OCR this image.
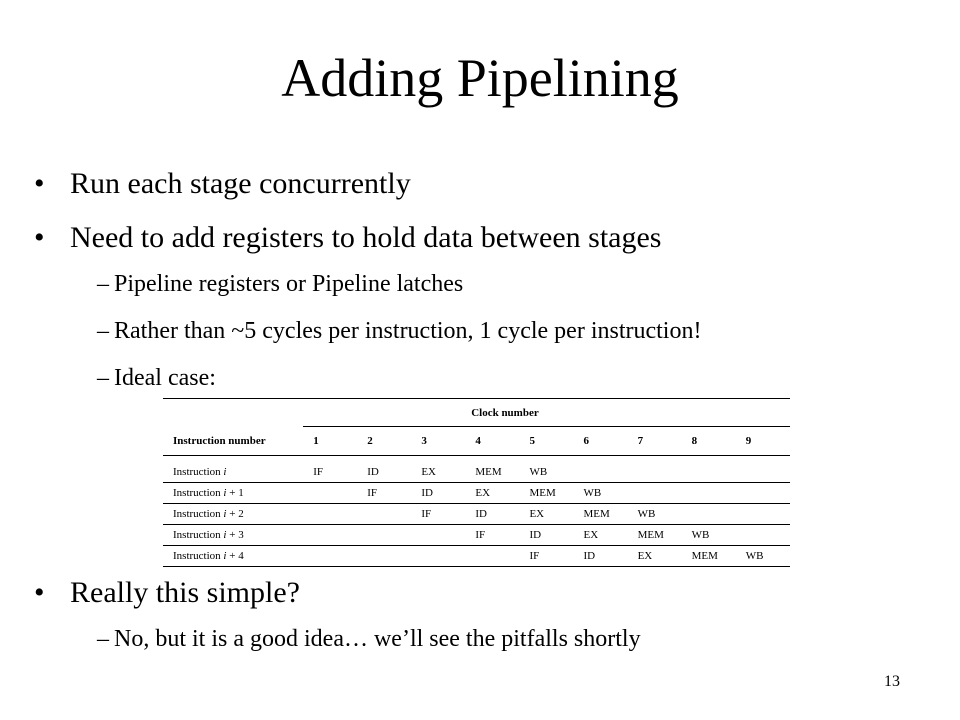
Adding Pipelining
• Run each stage concurrently
• Need to add registers to hold data between stages
– Pipeline registers or Pipeline latches
– Rather than ~5 cycles per instruction, 1 cycle per instruction!
– Ideal case:
	Clock number								
Instruction number	1	2	3	4	5	6	7	8	9

Instruction i	IF	ID	EX	MEM	WB				
Instruction i + 1		IF	ID	EX	MEM	WB			
Instruction i + 2			IF	ID	EX	MEM	WB		
Instruction i + 3				IF	ID	EX	MEM	WB	
Instruction i + 4					IF	ID	EX	MEM	WB
• Really this simple?
– No, but it is a good idea… we’ll see the pitfalls shortly
13
